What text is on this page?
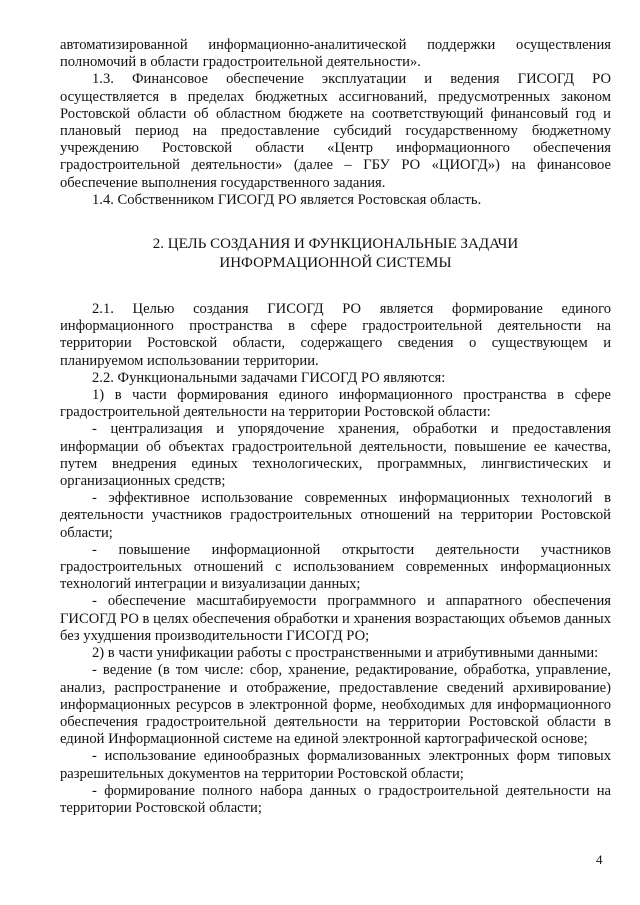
автоматизированной информационно-аналитической поддержки осуществления полномочий в области градостроительной деятельности».

1.3. Финансовое обеспечение эксплуатации и ведения ГИСОГД РО осуществляется в пределах бюджетных ассигнований, предусмотренных законом Ростовской области об областном бюджете на соответствующий финансовый год и плановый период на предоставление субсидий государственному бюджетному учреждению Ростовской области «Центр информационного обеспечения градостроительной деятельности» (далее – ГБУ РО «ЦИОГД») на финансовое обеспечение выполнения государственного задания.

1.4. Собственником ГИСОГД РО является Ростовская область.

2. ЦЕЛЬ СОЗДАНИЯ И ФУНКЦИОНАЛЬНЫЕ ЗАДАЧИ
ИНФОРМАЦИОННОЙ СИСТЕМЫ

2.1. Целью создания ГИСОГД РО является формирование единого информационного пространства в сфере градостроительной деятельности на территории Ростовской области, содержащего сведения о существующем и планируемом использовании территории.

2.2. Функциональными задачами ГИСОГД РО являются:

1) в части формирования единого информационного пространства в сфере градостроительной деятельности на территории Ростовской области:

- централизация и упорядочение хранения, обработки и предоставления информации об объектах градостроительной деятельности, повышение ее качества, путем внедрения единых технологических, программных, лингвистических и организационных средств;

- эффективное использование современных информационных технологий в деятельности участников градостроительных отношений на территории Ростовской области;

- повышение информационной открытости деятельности участников градостроительных отношений с использованием современных информационных технологий интеграции и визуализации данных;

- обеспечение масштабируемости программного и аппаратного обеспечения ГИСОГД РО в целях обеспечения обработки и хранения возрастающих объемов данных без ухудшения производительности ГИСОГД РО;

2) в части унификации работы с пространственными и атрибутивными данными:

- ведение (в том числе: сбор, хранение, редактирование, обработка, управление, анализ, распространение и отображение, предоставление сведений архивирование) информационных ресурсов в электронной форме, необходимых для информационного обеспечения градостроительной деятельности на территории Ростовской области в единой Информационной системе на единой электронной картографической основе;

- использование единообразных формализованных электронных форм типовых разрешительных документов на территории Ростовской области;

- формирование полного набора данных о градостроительной деятельности на территории Ростовской области;

4
